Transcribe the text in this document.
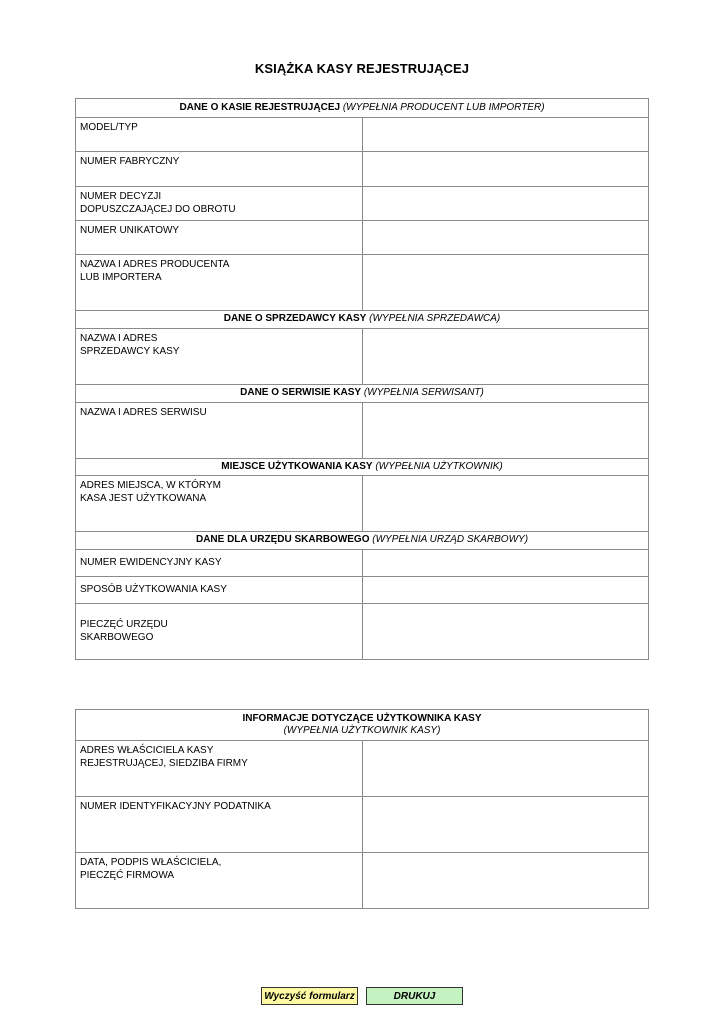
KSIĄŻKA KASY REJESTRUJĄCEJ
DANE O KASIE REJESTRUJĄCEJ (WYPEŁNIA PRODUCENT LUB IMPORTER)	
MODEL/TYP	
NUMER FABRYCZNY	
NUMER DECYZJI
DOPUSZCZAJĄCEJ DO OBROTU	
NUMER UNIKATOWY	
NAZWA I ADRES PRODUCENTA
LUB IMPORTERA	
DANE O SPRZEDAWCY KASY (WYPEŁNIA SPRZEDAWCA)	
NAZWA I ADRES
SPRZEDAWCY KASY	
DANE O SERWISIE KASY (WYPEŁNIA SERWISANT)	
NAZWA I ADRES SERWISU	
MIEJSCE UŻYTKOWANIA KASY (WYPEŁNIA UŻYTKOWNIK)	
ADRES MIEJSCA, W KTÓRYM
KASA JEST UŻYTKOWANA	
DANE DLA URZĘDU SKARBOWEGO (WYPEŁNIA URZĄD SKARBOWY)	
NUMER EWIDENCYJNY KASY	
SPOSÓB UŻYTKOWANIA KASY	
PIECZĘĆ URZĘDU
SKARBOWEGO	
INFORMACJE DOTYCZĄCE UŻYTKOWNIKA KASY
(WYPEŁNIA UŻYTKOWNIK KASY)	
ADRES WŁAŚCICIELA KASY
REJESTRUJĄCEJ, SIEDZIBA FIRMY	
NUMER IDENTYFIKACYJNY PODATNIKA	
DATA, PODPIS WŁAŚCICIELA,
PIECZĘĆ FIRMOWA	
Wyczyść formularz	DRUKUJ
